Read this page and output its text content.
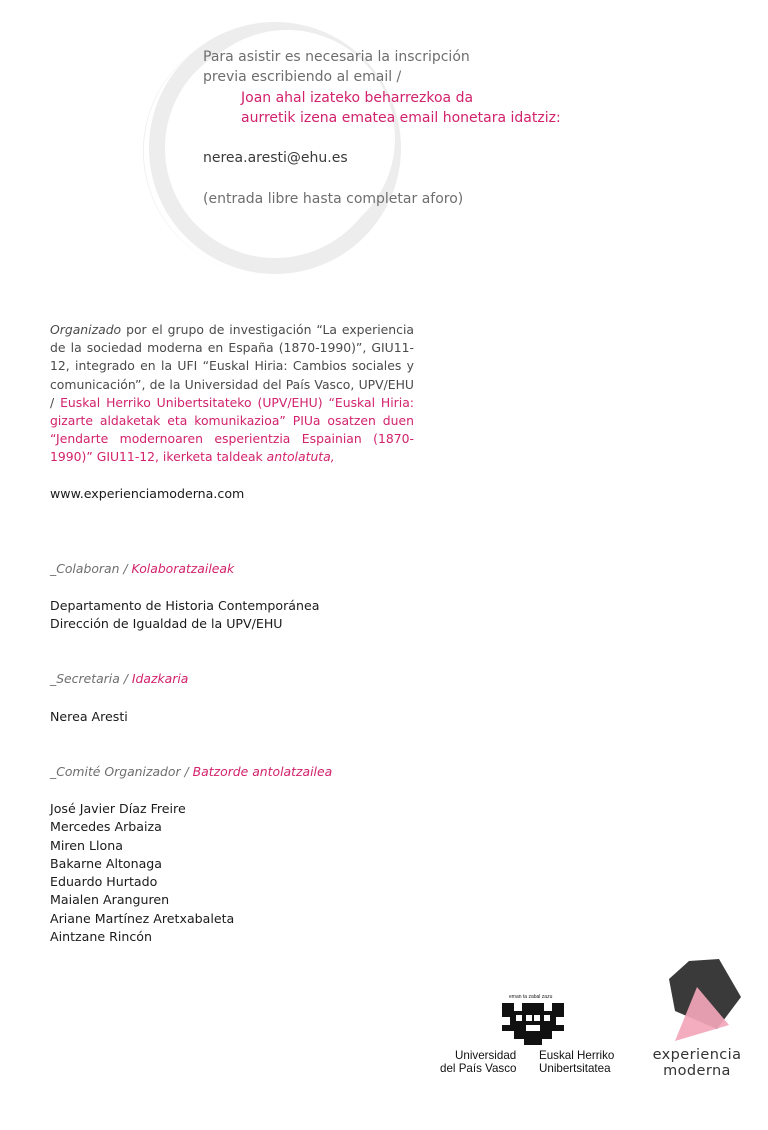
Para asistir es necesaria la inscripción
previa escribiendo al email /
Joan ahal izateko beharrezkoa da
aurretik izena ematea email honetara idatziz:
nerea.aresti@ehu.es
(entrada libre hasta completar aforo)
Organizado por el grupo de investigación “La experiencia de la sociedad moderna en España (1870-1990)”, GIU11-12, integrado en la UFI “Euskal Hiria: Cambios sociales y comunicación”, de la Universidad del País Vasco, UPV/EHU / Euskal Herriko Unibertsitateko (UPV/EHU) “Euskal Hiria: gizarte aldaketak eta komunikazioa” PIUa osatzen duen “Jendarte modernoaren esperientzia Espainian (1870-1990)” GIU11-12, ikerketa taldeak antolatuta,
www.experienciamoderna.com
_Colaboran / Kolaboratzaileak
Departamento de Historia Contemporánea
Dirección de Igualdad de la UPV/EHU
_Secretaria / Idazkaria
Nerea Aresti
_Comité Organizador / Batzorde antolatzailea
José Javier Díaz Freire
Mercedes Arbaiza
Miren Llona
Bakarne Altonaga
Eduardo Hurtado
Maialen Aranguren
Ariane Martínez Aretxabaleta
Aintzane Rincón
eman ta zabal zazu
Universidad
del País Vasco
Euskal Herriko
Unibertsitatea
experiencia
moderna
